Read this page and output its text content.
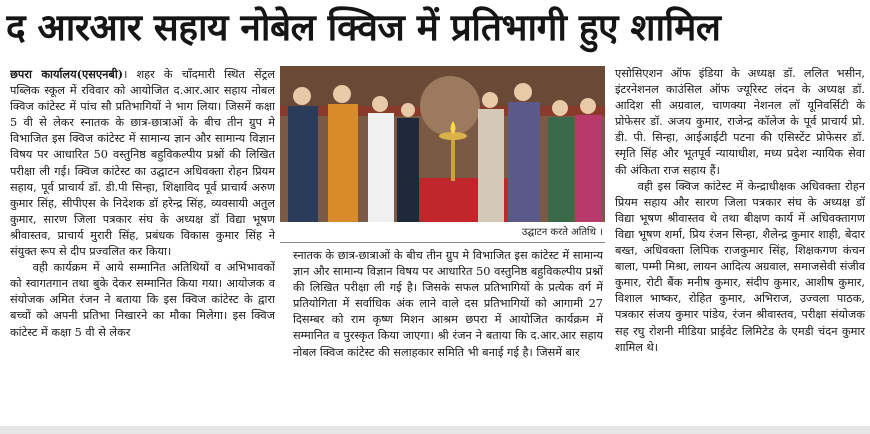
द आरआर सहाय नोबेल क्विज में प्रतिभागी हुए शामिल

छपरा कार्यालय(एसएनबी)। शहर के चाँदमारी स्थित सेंट्रल पब्लिक स्कूल में रविवार को आयोजित द.आर.आर सहाय नोबल क्विज कांटेस्ट में पांच सौ प्रतिभागियों ने भाग लिया। जिसमें कक्षा 5 वी से लेकर स्नातक के छात्र-छात्राओं के बीच तीन ग्रुप मे विभाजित इस क्विज कांटेस्ट में सामान्य ज्ञान और सामान्य विज्ञान विषय पर आधारित 50 वस्तुनिष्ठ बहुविकल्पीय प्रश्नों की लिखित परीक्षा ली गई। क्विज कांटेस्ट का उद्घाटन अधिवक्ता रोहन प्रियम सहाय, पूर्व प्राचार्य डॉ. डी.पी सिन्हा, शिक्षाविद पूर्व प्राचार्य अरुण कुमार सिंह, सीपीएस के निदेशक डॉ हरेन्द्र सिंह, व्यवसायी अतुल कुमार, सारण जिला पत्रकार संघ के अध्यक्ष डॉ विद्या भूषण श्रीवास्तव, प्राचार्य मुरारी सिंह, प्रबंधक विकास कुमार सिंह ने संयुक्त रूप से दीप प्रज्वलित कर किया।

वही कार्यक्रम में आये सम्मानित अतिथियों व अभिभावकों को स्वागतगान तथा बुके देकर सम्मानित किया गया। आयोजक व संयोजक अमित रंजन ने बताया कि इस क्विज कांटेस्ट के द्वारा बच्चों को अपनी प्रतिभा निखारने का मौका मिलेगा। इस क्विज कांटेस्ट में कक्षा 5 वी से लेकर

उद्घाटन करते अतिथि ।

स्नातक के छात्र-छात्राओं के बीच तीन ग्रुप मे विभाजित इस कांटेस्ट में सामान्य ज्ञान और सामान्य विज्ञान विषय पर आधारित 50 वस्तुनिष्ठ बहुविकल्पीय प्रश्नों की लिखित परीक्षा ली गई है। जिसके सफल प्रतिभागियों के प्रत्येक वर्ग में प्रतियोगिता में सर्वाधिक अंक लाने वाले दस प्रतिभागियों को आगामी 27 दिसम्बर को राम कृष्ण मिशन आश्रम छपरा में आयोजित कार्यक्रम में सम्मानित व पुरस्कृत किया जाएगा। श्री रंजन ने बताया कि द.आर.आर सहाय नोबल क्विज कांटेस्ट की सलाहकार समिति भी बनाई गई है। जिसमें बार

एसोसिएशन ऑफ इंडिया के अध्यक्ष डॉ. ललित भसीन, इंटरनेशनल काउंसिल ऑफ ज्यूरिस्ट लंदन के अध्यक्ष डॉ. आदिश सी अग्रवाल, चाणक्या नेशनल लॉ यूनिवर्सिटी के प्रोफेसर डॉ. अजय कुमार, राजेन्द्र कॉलेज के पूर्व प्राचार्य प्रो. डी. पी. सिन्हा, आईआईटी पटना की एसिस्टेंट प्रोफेसर डॉ. स्मृति सिंह और भूतपूर्व न्यायाधीश, मध्य प्रदेश न्यायिक सेवा की अंकिता राज सहाय हैं।

वही इस क्विज कांटेस्ट में केन्द्राधीक्षक अधिवक्ता रोहन प्रियम सहाय और सारण जिला पत्रकार संघ के अध्यक्ष डॉ विद्या भूषण श्रीवास्तव थे तथा बीक्षण कार्य में अधिवक्तागण विद्या भूषण शर्मा, प्रिय रंजन सिन्हा, शैलेन्द्र कुमार शाही, बेदार बख्त, अधिवक्ता लिपिक राजकुमार सिंह, शिक्षकगण कंचन बाला, पम्मी मिश्रा, लायन आदित्य अग्रवाल, समाजसेवी संजीव कुमार, रोटी बैंक मनीष कुमार, संदीप कुमार, आशीष कुमार, विशाल भाष्कर, रोहित कुमार, अभिराज, उज्वला पाठक, पत्रकार संजय कुमार पांडेय, रंजन श्रीवास्तव, परीक्षा संयोजक सह रघु रोशनी मीडिया प्राईवेट लिमिटेड के एमडी चंदन कुमार शामिल थे।
